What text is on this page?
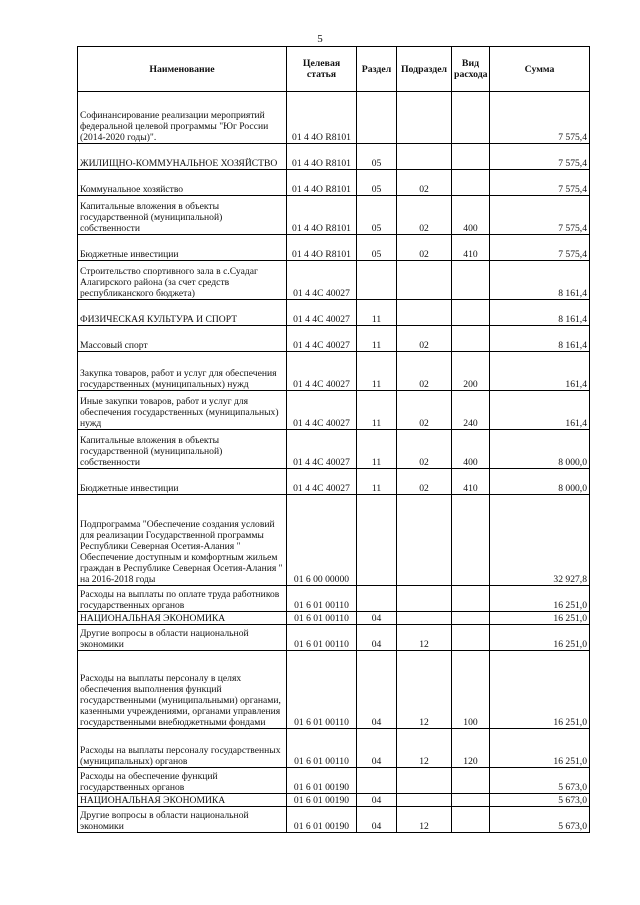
5
Наименование	Целевая статья	Раздел	Подраздел	Вид расхода	Сумма
Софинансирование реализации мероприятий федеральной целевой программы "Юг России (2014-2020 годы)".	01 4 4О R8101				7 575,4
ЖИЛИЩНО-КОММУНАЛЬНОЕ ХОЗЯЙСТВО	01 4 4О R8101	05			7 575,4
Коммунальное хозяйство	01 4 4О R8101	05	02		7 575,4
Капитальные вложения в объекты государственной (муниципальной) собственности	01 4 4О R8101	05	02	400	7 575,4
Бюджетные инвестиции	01 4 4О R8101	05	02	410	7 575,4
Строительство спортивного зала в с.Суадаг Алагирского района (за счет средств республиканского бюджета)	01 4 4С 40027				8 161,4
ФИЗИЧЕСКАЯ КУЛЬТУРА И СПОРТ	01 4 4С 40027	11			8 161,4
Массовый спорт	01 4 4С 40027	11	02		8 161,4
Закупка товаров, работ и услуг для обеспечения государственных (муниципальных) нужд	01 4 4С 40027	11	02	200	161,4
Иные закупки товаров, работ и услуг для обеспечения государственных (муниципальных) нужд	01 4 4С 40027	11	02	240	161,4
Капитальные вложения в объекты государственной (муниципальной) собственности	01 4 4С 40027	11	02	400	8 000,0
Бюджетные инвестиции	01 4 4С 40027	11	02	410	8 000,0
Подпрограмма "Обеспечение создания условий для реализации Государственной программы Республики Северная Осетия-Алания " Обеспечение доступным и комфортным жильем граждан в Республике Северная Осетия-Алания " на 2016-2018 годы	01 6 00 00000				32 927,8
Расходы на выплаты по оплате труда работников государственных органов	01 6 01 00110				16 251,0
НАЦИОНАЛЬНАЯ ЭКОНОМИКА	01 6 01 00110	04			16 251,0
Другие вопросы в области национальной экономики	01 6 01 00110	04	12		16 251,0
Расходы на выплаты персоналу в целях обеспечения выполнения функций государственными (муниципальными) органами, казенными учреждениями, органами управления государственными внебюджетными фондами	01 6 01 00110	04	12	100	16 251,0
Расходы на выплаты персоналу государственных (муниципальных) органов	01 6 01 00110	04	12	120	16 251,0
Расходы на обеспечение функций государственных органов	01 6 01 00190				5 673,0
НАЦИОНАЛЬНАЯ ЭКОНОМИКА	01 6 01 00190	04			5 673,0
Другие вопросы в области национальной экономики	01 6 01 00190	04	12		5 673,0
